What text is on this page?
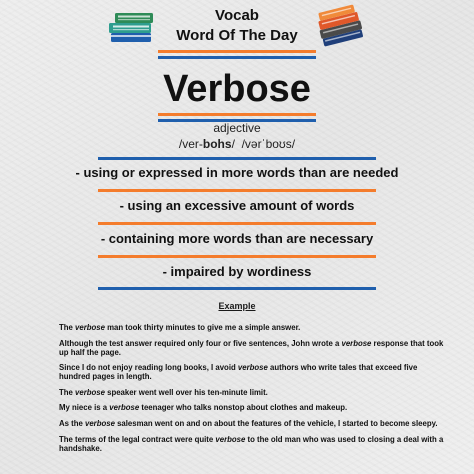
Vocab
Word Of The Day
Verbose
adjective
/ver-bohs/ /vərˈboʊs/
- using or expressed in more words than are needed
- using an excessive amount of words
- containing more words than are necessary
- impaired by wordiness
Example
The verbose man took thirty minutes to give me a simple answer.
Although the test answer required only four or five sentences, John wrote a verbose response that took up half the page.
Since I do not enjoy reading long books, I avoid verbose authors who write tales that exceed five hundred pages in length.
The verbose speaker went well over his ten-minute limit.
My niece is a verbose teenager who talks nonstop about clothes and makeup.
As the verbose salesman went on and on about the features of the vehicle, I started to become sleepy.
The terms of the legal contract were quite verbose to the old man who was used to closing a deal with a handshake.
